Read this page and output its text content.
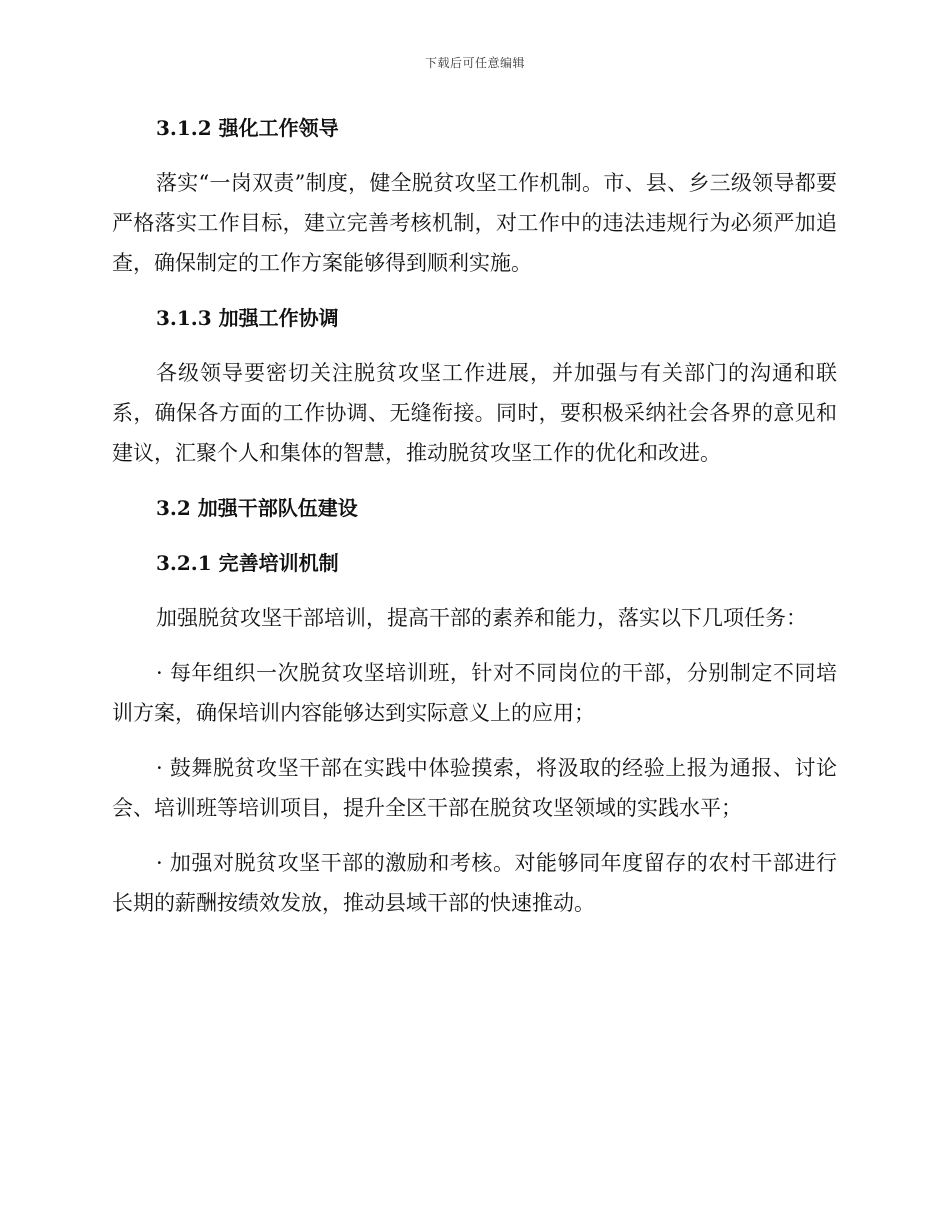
下载后可任意编辑
3.1.2 强化工作领导
落实“一岗双责”制度，健全脱贫攻坚工作机制。市、县、乡三级领导都要严格落实工作目标，建立完善考核机制，对工作中的违法违规行为必须严加追查，确保制定的工作方案能够得到顺利实施。
3.1.3 加强工作协调
各级领导要密切关注脱贫攻坚工作进展，并加强与有关部门的沟通和联系，确保各方面的工作协调、无缝衔接。同时，要积极采纳社会各界的意见和建议，汇聚个人和集体的智慧，推动脱贫攻坚工作的优化和改进。
3.2 加强干部队伍建设
3.2.1 完善培训机制
加强脱贫攻坚干部培训，提高干部的素养和能力，落实以下几项任务：
· 每年组织一次脱贫攻坚培训班，针对不同岗位的干部，分别制定不同培训方案，确保培训内容能够达到实际意义上的应用；
· 鼓舞脱贫攻坚干部在实践中体验摸索，将汲取的经验上报为通报、讨论会、培训班等培训项目，提升全区干部在脱贫攻坚领域的实践水平；
· 加强对脱贫攻坚干部的激励和考核。对能够同年度留存的农村干部进行长期的薪酬按绩效发放，推动县域干部的快速推动。
